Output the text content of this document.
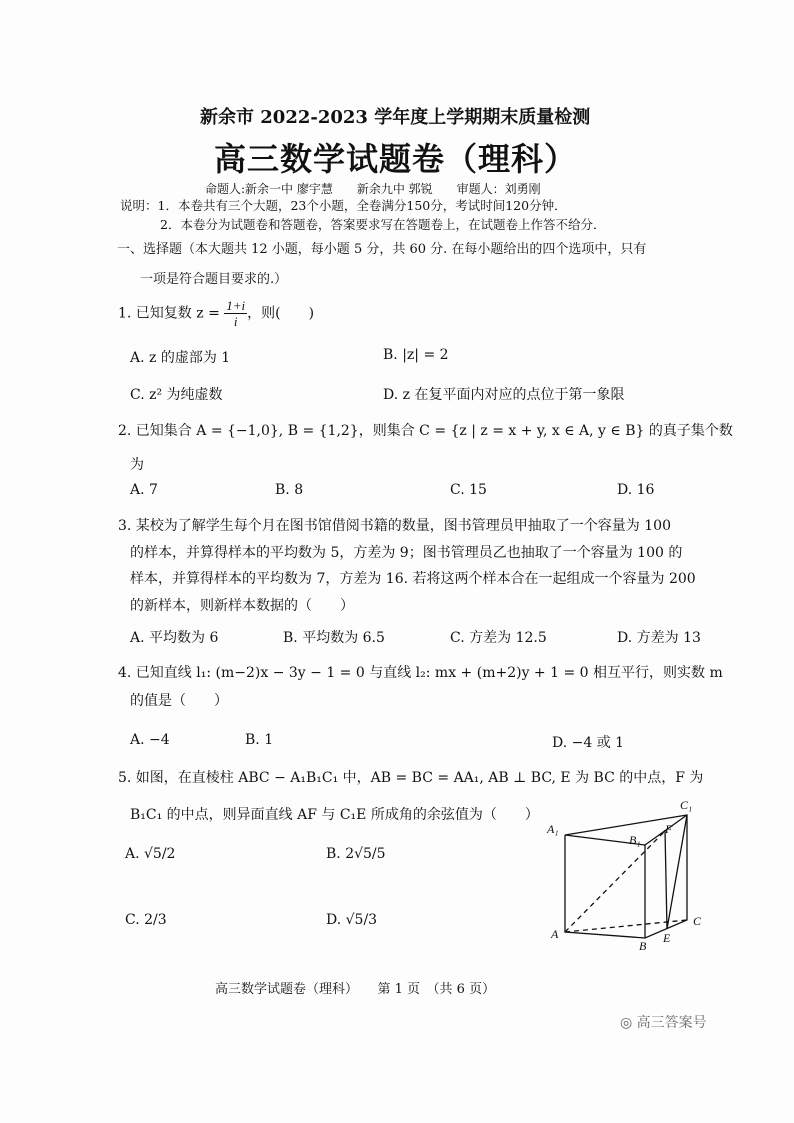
新余市 2022-2023 学年度上学期期末质量检测
高三数学试题卷（理科）
命题人:新余一中 廖宇慧　　新余九中 郭锐　　审题人：刘勇刚
说明：1．本卷共有三个大题，23个小题，全卷满分150分，考试时间120分钟．
2．本卷分为试题卷和答题卷，答案要求写在答题卷上，在试题卷上作答不给分．
一、选择题（本大题共 12 小题，每小题 5 分，共 60 分. 在每小题给出的四个选项中，只有
一项是符合题目要求的.）
1. 已知复数 $z = \frac{1+i}{i}$ ，则(　　)
A. z 的虚部为 1	B. |z| = 2
C. z² 为纯虚数	D. z 在复平面内对应的点位于第一象限
2. 已知集合 A = {−1,0}, B = {1,2}，则集合 C = {z | z = x + y, x ∈ A, y ∈ B} 的真子集个数
为
A. 7	B. 8	C. 15	D. 16
3. 某校为了解学生每个月在图书馆借阅书籍的数量，图书管理员甲抽取了一个容量为 100
的样本，并算得样本的平均数为 5，方差为 9；图书管理员乙也抽取了一个容量为 100 的
样本，并算得样本的平均数为 7，方差为 16. 若将这两个样本合在一起组成一个容量为 200
的新样本，则新样本数据的（　　）
A. 平均数为 6	B. 平均数为 6.5	C. 方差为 12.5	D. 方差为 13
4. 已知直线 l₁: (m−2)x − 3y − 1 = 0 与直线 l₂: mx + (m+2)y + 1 = 0 相互平行，则实数 m
的值是（　　）
A. −4	B. 1	D. −4 或 1
5. 如图，在直棱柱 ABC − A₁B₁C₁ 中，AB = BC = AA₁, AB ⊥ BC, E 为 BC 的中点，F 为
B₁C₁ 的中点，则异面直线 AF 与 C₁E 所成角的余弦值为（　　）
A. √5/2	B. 2√5/5
C. 2/3	D. √5/3
A₁
B₁
C₁
F
A
B
E
C
高三数学试题卷（理科）　　第 1 页　（共 6 页）
◎ 高三答案号
